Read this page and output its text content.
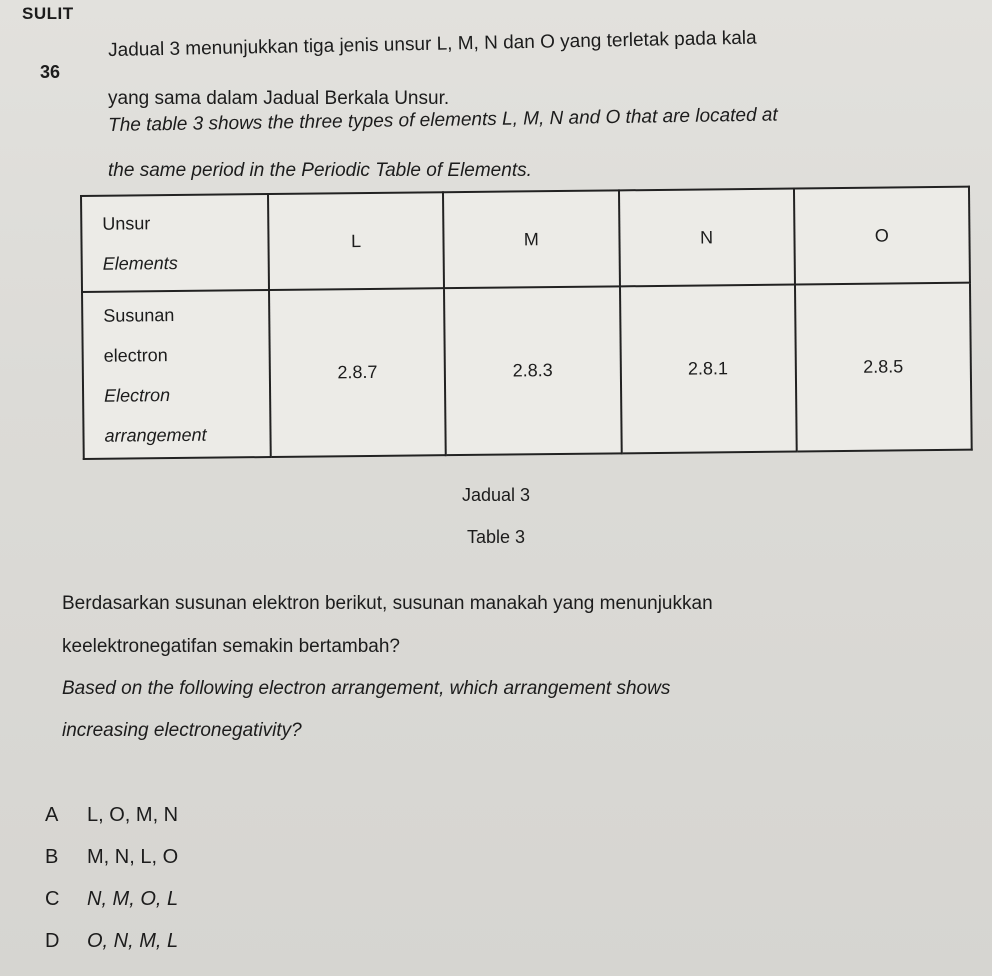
SULIT
36
Jadual 3 menunjukkan tiga jenis unsur L, M, N dan O yang terletak pada kala
yang sama dalam Jadual Berkala Unsur.
The table 3 shows the three types of elements L, M, N and O that are located at
the same period in the Periodic Table of Elements.
Unsur
Elements	L	M	N	O

Susunan
electron
Electron
arrangement	2.8.7	2.8.3	2.8.1	2.8.5
Jadual 3
Table 3
Berdasarkan susunan elektron berikut, susunan manakah yang menunjukkan
keelektronegatifan semakin bertambah?
Based on the following electron arrangement, which arrangement shows
increasing electronegativity?
A L, O, M, N
B M, N, L, O
C N, M, O, L
D O, N, M, L
